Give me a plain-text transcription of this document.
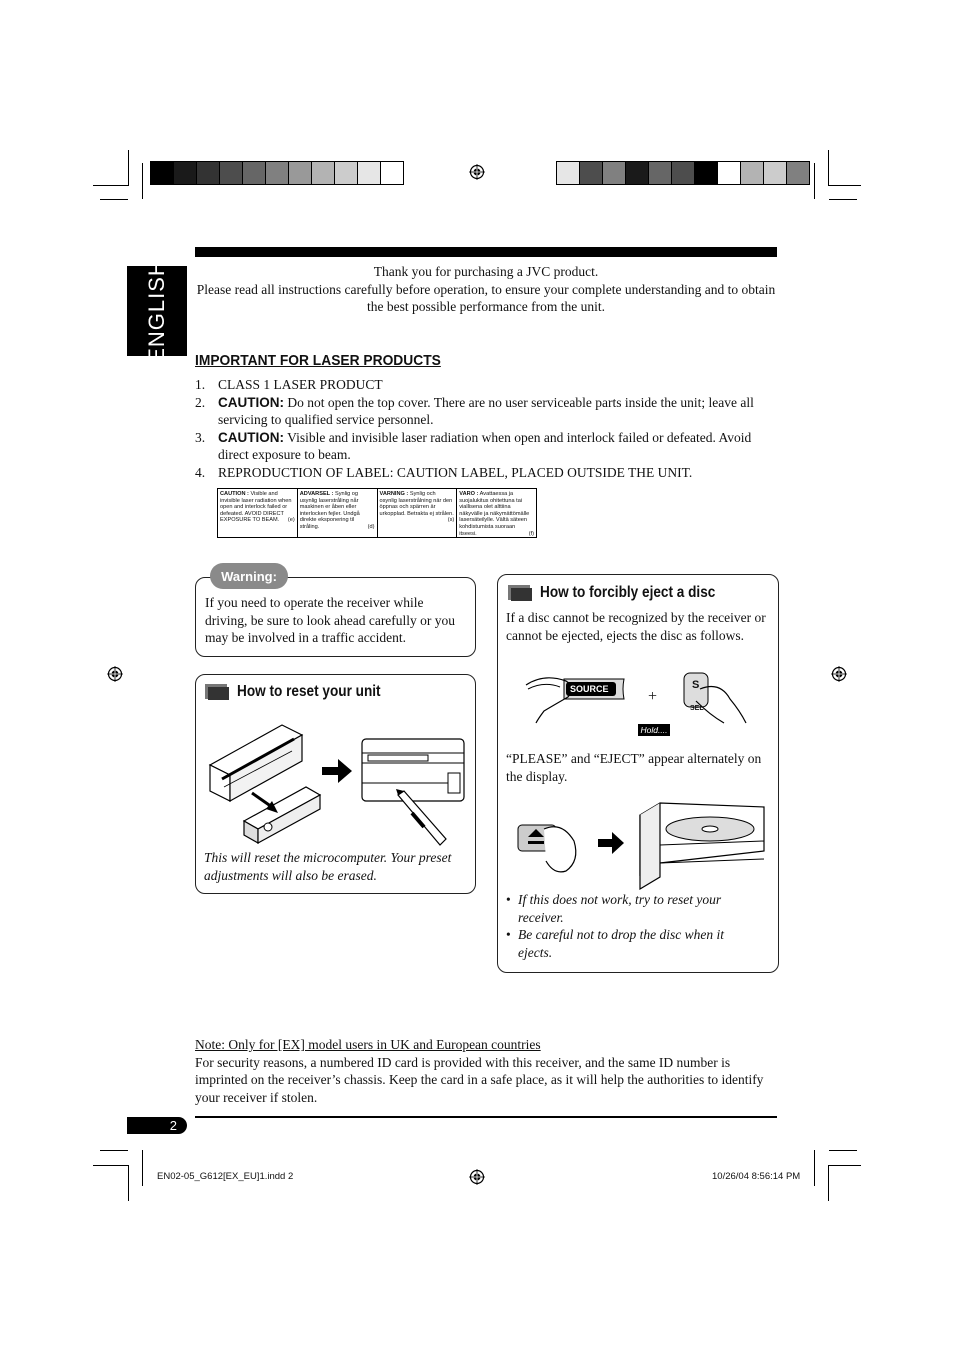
ENGLISH	Thank you for purchasing a JVC product.
Please read all instructions carefully before operation, to ensure your complete understanding and to obtain the best possible performance from the unit.
IMPORTANT FOR LASER PRODUCTS
1. CLASS 1 LASER PRODUCT
2. CAUTION: Do not open the top cover. There are no user serviceable parts inside the unit; leave all servicing to qualified service personnel.
3. CAUTION: Visible and invisible laser radiation when open and interlock failed or defeated. Avoid direct exposure to beam.
4. REPRODUCTION OF LABEL: CAUTION LABEL, PLACED OUTSIDE THE UNIT.
CAUTION : Visible and invisible laser radiation when open and interlock failed or defeated. AVOID DIRECT EXPOSURE TO BEAM. (e)
ADVARSEL : Synlig og usynlig laserstråling når maskinen er åben eller interlocken fejler. Undgå direkte eksponering til stråling.	(d)
VARNING : Synlig och osynlig laserstrålning när den öppnas och spärren är urkopplad. Betrakta ej strålen.
(s)
VARO : Avattaessa ja suojalukitus ohitettuna tai viallisena olet alttiina näkyvälle ja näkymättömälle lasersäteilylle. Vältä säteen kohdistumista suoraan itseesi.	(f)
If you need to operate the receiver while driving, be sure to look ahead carefully or you may be involved in a traffic accident.
Warning:
How to reset your unit
This will reset the microcomputer. Your preset adjustments will also be erased.
How to forcibly eject a disc
If a disc cannot be recognized by the receiver or cannot be ejected, ejects the disc as follows.
SOURCE +
S
SEL
“PLEASE” and “EJECT” appear alternately on the display.
• If this does not work, try to reset your receiver.
• Be careful not to drop the disc when it ejects.
Hold....
Note: Only for [EX] model users in UK and European countries
For security reasons, a numbered ID card is provided with this receiver, and the same ID number is imprinted on the receiver’s chassis. Keep the card in a safe place, as it will help the authorities to identify your receiver if stolen.
2
EN02-05_G612[EX_EU]1.indd 2	10/26/04 8:56:14 PM
